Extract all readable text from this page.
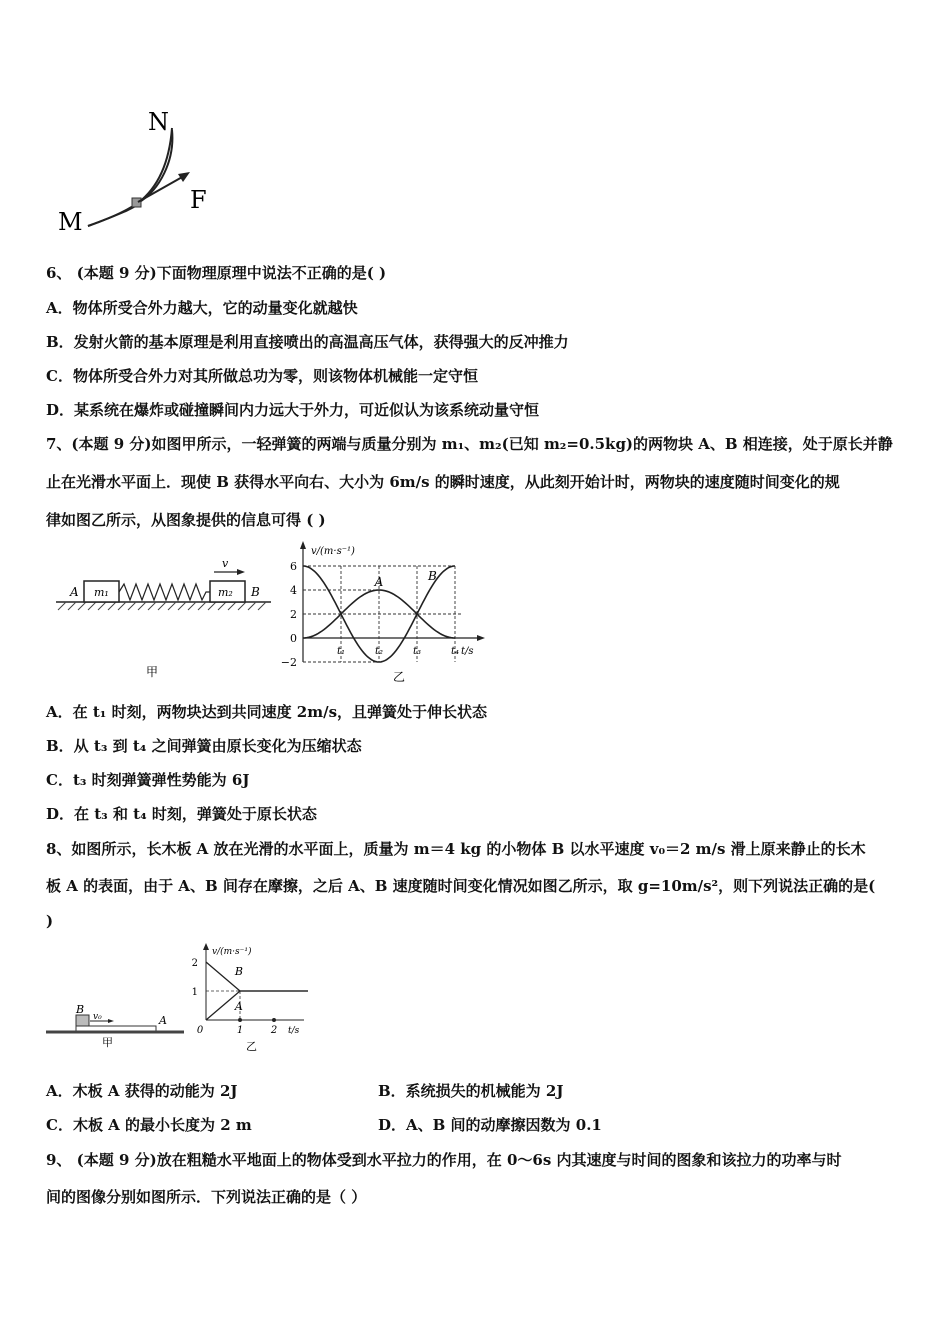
N
F
M
6、 (本题 9 分)下面物理原理中说法不正确的是( )
A．物体所受合外力越大，它的动量变化就越快
B．发射火箭的基本原理是利用直接喷出的高温高压气体，获得强大的反冲推力
C．物体所受合外力对其所做总功为零，则该物体机械能一定守恒
D．某系统在爆炸或碰撞瞬间内力远大于外力，可近似认为该系统动量守恒
7、(本题 9 分)如图甲所示，一轻弹簧的两端与质量分别为 m₁、m₂(已知 m₂=0.5kg)的两物块 A、B 相连接，处于原长并静
止在光滑水平面上．现使 B 获得水平向右、大小为 6m/s 的瞬时速度，从此刻开始计时，两物块的速度随时间变化的规
律如图乙所示，从图象提供的信息可得 ( )
v
A m₁	m₂ B
甲
−2
0
2
4
6
t₁	t₂	t₃	t₄
A	B
v/(m·s⁻¹)
t/s
乙
A．在 t₁ 时刻，两物块达到共同速度 2m/s，且弹簧处于伸长状态
B．从 t₃ 到 t₄ 之间弹簧由原长变化为压缩状态
C．t₃ 时刻弹簧弹性势能为 6J
D．在 t₃ 和 t₄ 时刻，弹簧处于原长状态
8、如图所示，长木板 A 放在光滑的水平面上，质量为 m＝4 kg 的小物体 B 以水平速度 v₀＝2 m/s 滑上原来静止的长木
板 A 的表面，由于 A、B 间存在摩擦，之后 A、B 速度随时间变化情况如图乙所示，取 g=10m/s²，则下列说法正确的是(
)
B
v₀	A
甲
1
2
0	1	2
B
A
v/(m·s⁻¹)
t/s
乙
A．木板 A 获得的动能为 2J	B．系统损失的机械能为 2J
C．木板 A 的最小长度为 2 m	D．A、B 间的动摩擦因数为 0.1
9、 (本题 9 分)放在粗糙水平地面上的物体受到水平拉力的作用，在 0～6s 内其速度与时间的图象和该拉力的功率与时
间的图像分别如图所示．下列说法正确的是（ ）
